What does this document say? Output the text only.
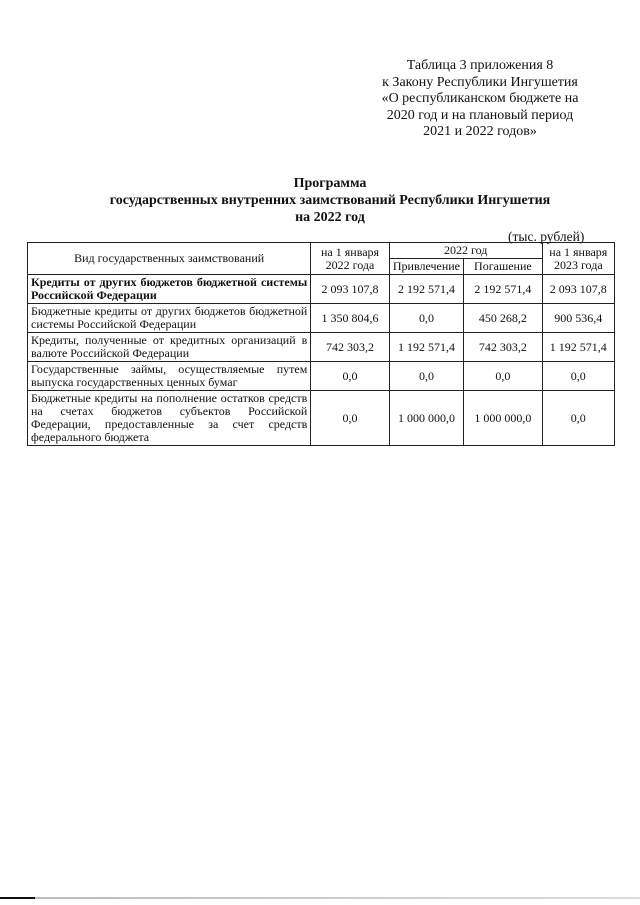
Таблица 3 приложения 8
к Закону Республики Ингушетия
«О республиканском бюджете на
2020 год и на плановый период
2021 и 2022 годов»
Программа
государственных внутренних заимствований Республики Ингушетия
на 2022 год
(тыс. рублей)
Вид государственных заимствований	на 1 января 2022 года	2022 год		на 1 января 2023 года
		Привлечение	Погашение	
Кредиты от других бюджетов бюджетной системы Российской Федерации	2 093 107,8	2 192 571,4	2 192 571,4	2 093 107,8
Бюджетные кредиты от других бюджетов бюджетной системы Российской Федерации	1 350 804,6	0,0	450 268,2	900 536,4
Кредиты, полученные от кредитных организаций в валюте Российской Федерации	742 303,2	1 192 571,4	742 303,2	1 192 571,4
Государственные займы, осуществляемые путем выпуска государственных ценных бумаг	0,0	0,0	0,0	0,0
Бюджетные кредиты на пополнение остатков средств на счетах бюджетов субъектов Российской Федерации, предоставленные за счет средств федерального бюджета	0,0	1 000 000,0	1 000 000,0	0,0
